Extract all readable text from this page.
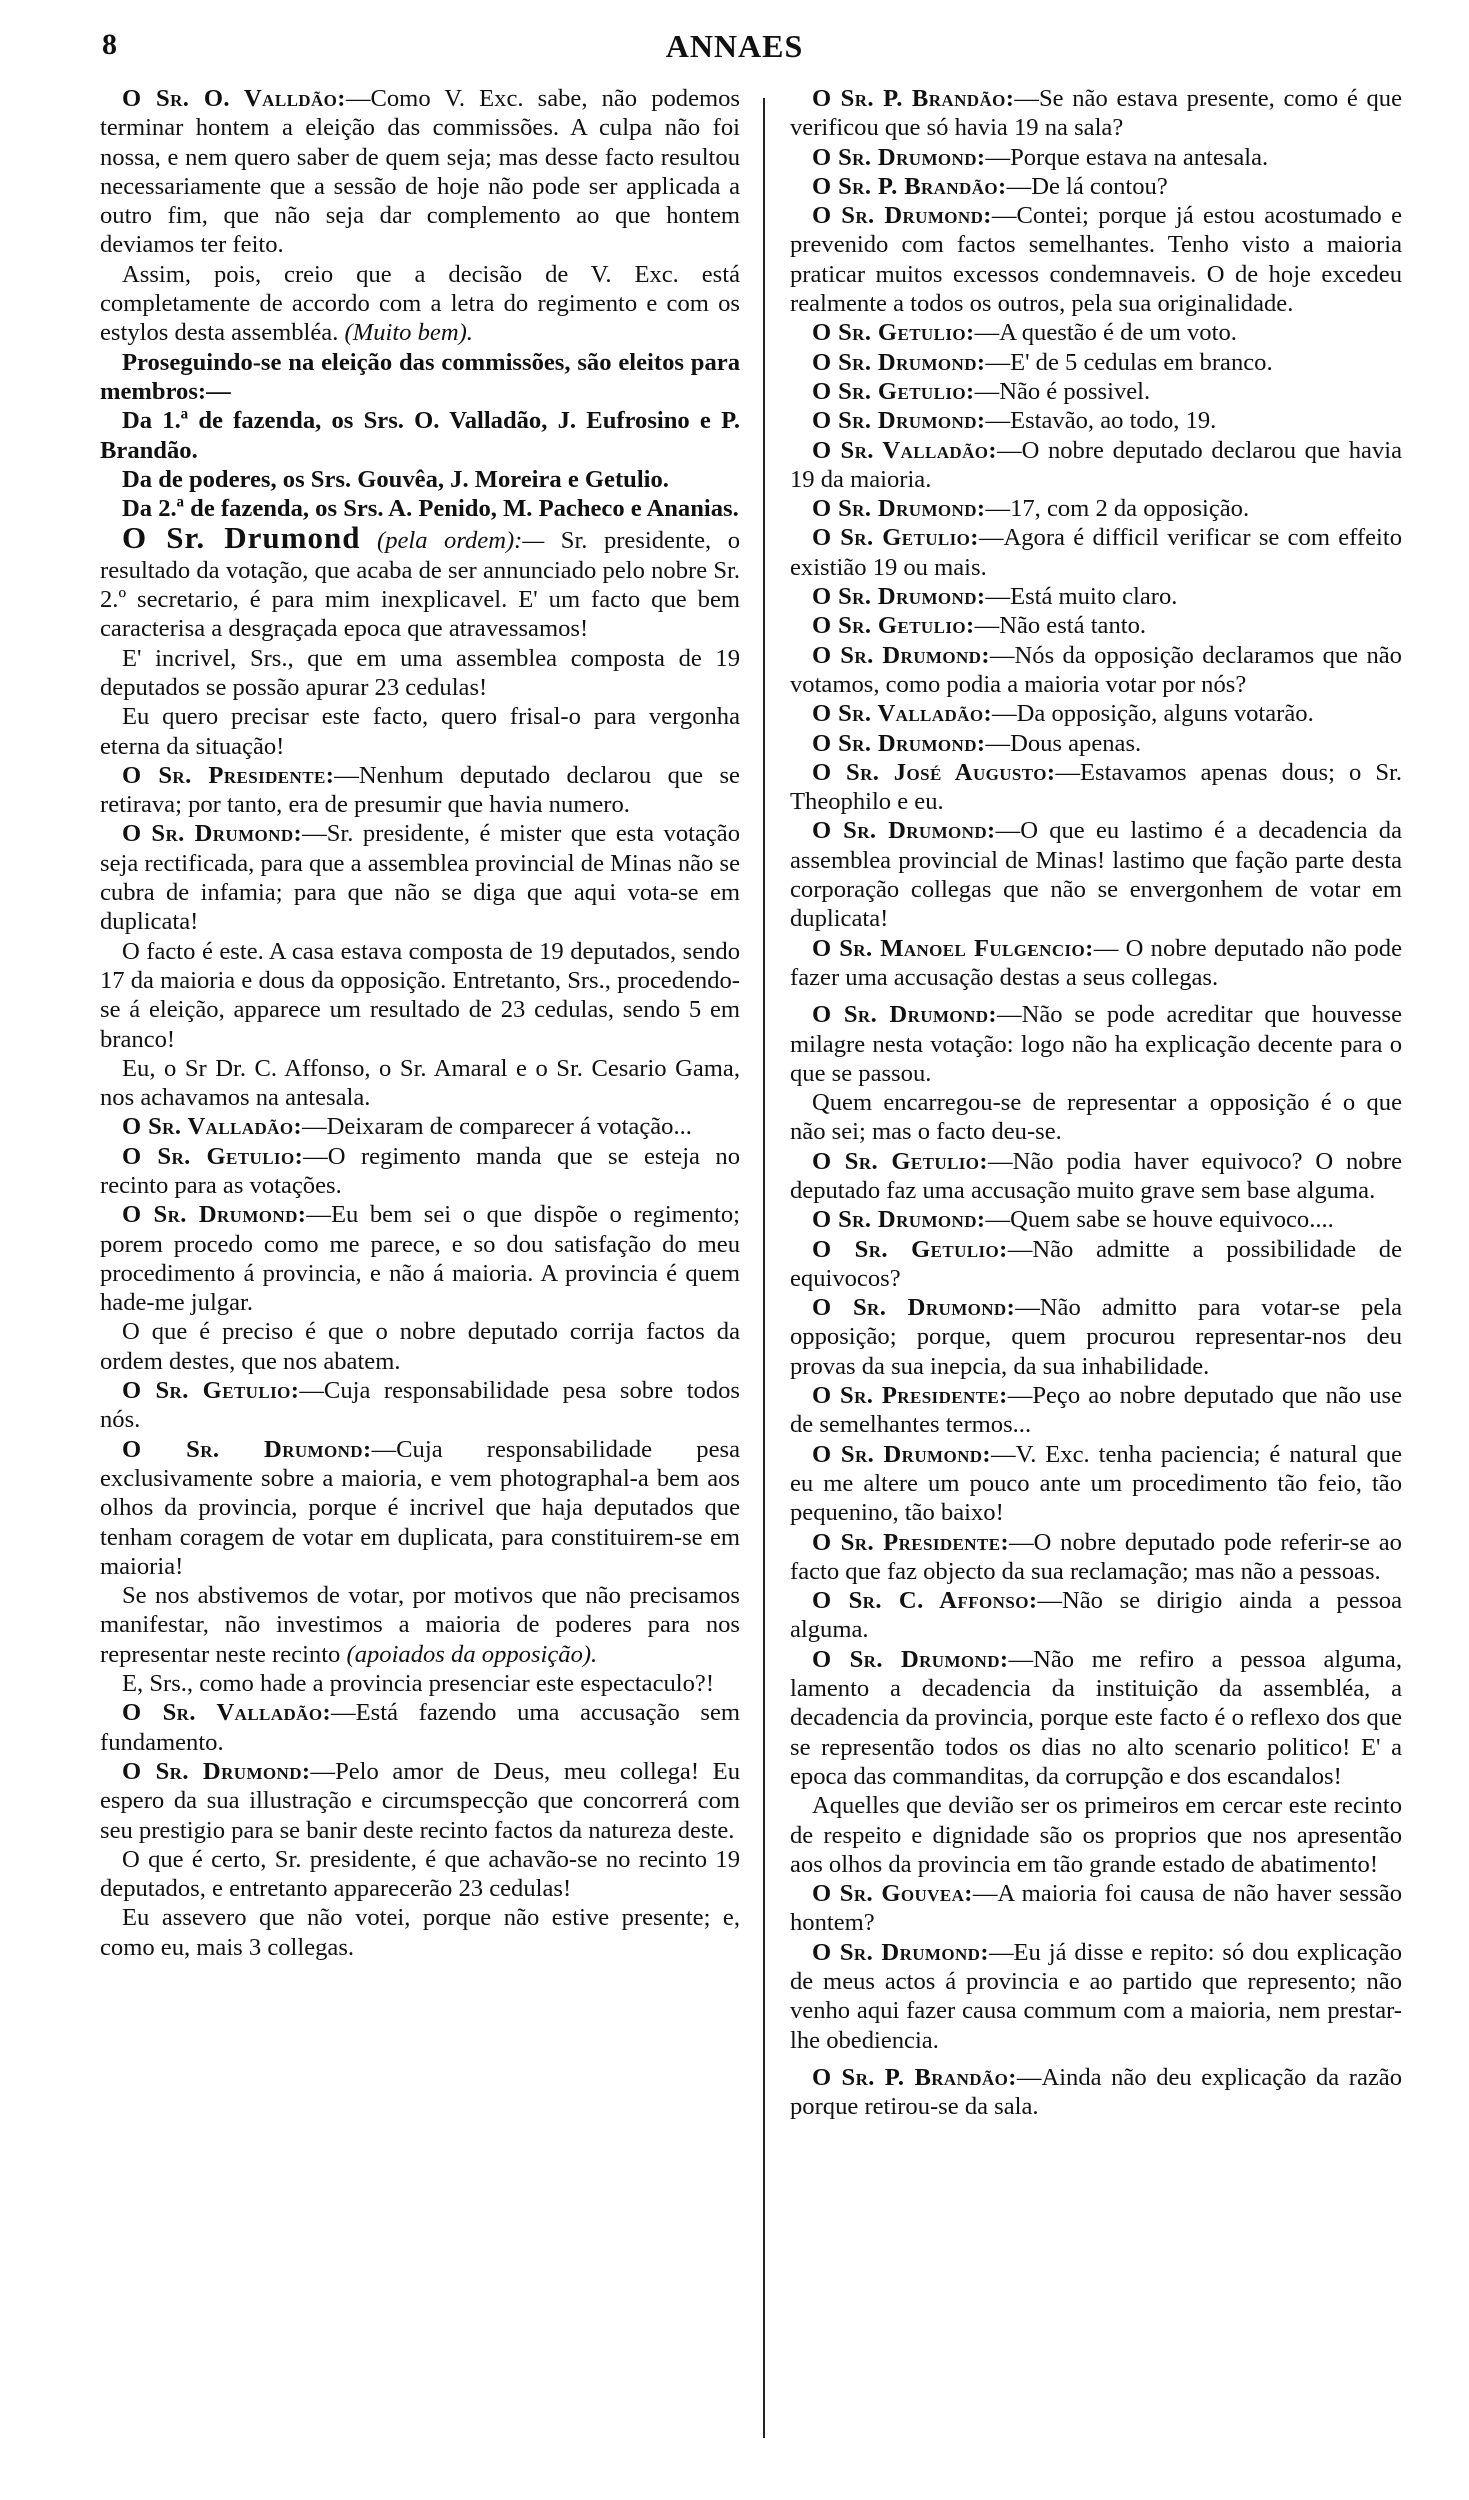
8	ANNAES

O Sr. O. Valldão:—Como V. Exc. sabe, não podemos terminar hontem a eleição das commissões. A culpa não foi nossa, e nem quero saber de quem seja; mas desse facto resultou necessariamente que a sessão de hoje não pode ser applicada a outro fim, que não seja dar complemento ao que hontem deviamos ter feito.

Assim, pois, creio que a decisão de V. Exc. está completamente de accordo com a letra do regimento e com os estylos desta assembléa. (Muito bem).

Proseguindo-se na eleição das commissões, são eleitos para membros:—

Da 1.ª de fazenda, os Srs. O. Valladão, J. Eufrosino e P. Brandão.

Da de poderes, os Srs. Gouvêa, J. Moreira e Getulio.

Da 2.ª de fazenda, os Srs. A. Penido, M. Pacheco e Ananias.

O Sr. Drumond (pela ordem):— Sr. presidente, o resultado da votação, que acaba de ser annunciado pelo nobre Sr. 2.º secretario, é para mim inexplicavel. E' um facto que bem caracterisa a desgraçada epoca que atravessamos!

E' incrivel, Srs., que em uma assemblea composta de 19 deputados se possão apurar 23 cedulas!

Eu quero precisar este facto, quero frisal-o para vergonha eterna da situação!

O Sr. Presidente:—Nenhum deputado declarou que se retirava; por tanto, era de presumir que havia numero.

O Sr. Drumond:—Sr. presidente, é mister que esta votação seja rectificada, para que a assemblea provincial de Minas não se cubra de infamia; para que não se diga que aqui vota-se em duplicata!

O facto é este. A casa estava composta de 19 deputados, sendo 17 da maioria e dous da opposição. Entretanto, Srs., procedendo-se á eleição, apparece um resultado de 23 cedulas, sendo 5 em branco!

Eu, o Sr Dr. C. Affonso, o Sr. Amaral e o Sr. Cesario Gama, nos achavamos na antesala.

O Sr. Valladão:—Deixaram de comparecer á votação...

O Sr. Getulio:—O regimento manda que se esteja no recinto para as votações.

O Sr. Drumond:—Eu bem sei o que dispõe o regimento; porem procedo como me parece, e so dou satisfação do meu procedimento á provincia, e não á maioria. A provincia é quem hade-me julgar.

O que é preciso é que o nobre deputado corrija factos da ordem destes, que nos abatem.

O Sr. Getulio:—Cuja responsabilidade pesa sobre todos nós.

O Sr. Drumond:—Cuja responsabilidade pesa exclusivamente sobre a maioria, e vem photographal-a bem aos olhos da provincia, porque é incrivel que haja deputados que tenham coragem de votar em duplicata, para constituirem-se em maioria!

Se nos abstivemos de votar, por motivos que não precisamos manifestar, não investimos a maioria de poderes para nos representar neste recinto (apoiados da opposição).

E, Srs., como hade a provincia presenciar este espectaculo?!

O Sr. Valladão:—Está fazendo uma accusação sem fundamento.

O Sr. Drumond:—Pelo amor de Deus, meu collega! Eu espero da sua illustração e circumspecção que concorrerá com seu prestigio para se banir deste recinto factos da natureza deste.

O que é certo, Sr. presidente, é que achavão-se no recinto 19 deputados, e entretanto apparecerão 23 cedulas!

Eu assevero que não votei, porque não estive presente; e, como eu, mais 3 collegas.

O Sr. P. Brandão:—Se não estava presente, como é que verificou que só havia 19 na sala?

O Sr. Drumond:—Porque estava na antesala.

O Sr. P. Brandão:—De lá contou?

O Sr. Drumond:—Contei; porque já estou acostumado e prevenido com factos semelhantes. Tenho visto a maioria praticar muitos excessos condemnaveis. O de hoje excedeu realmente a todos os outros, pela sua originalidade.

O Sr. Getulio:—A questão é de um voto.

O Sr. Drumond:—E' de 5 cedulas em branco.

O Sr. Getulio:—Não é possivel.

O Sr. Drumond:—Estavão, ao todo, 19.

O Sr. Valladão:—O nobre deputado declarou que havia 19 da maioria.

O Sr. Drumond:—17, com 2 da opposição.

O Sr. Getulio:—Agora é difficil verificar se com effeito existião 19 ou mais.

O Sr. Drumond:—Está muito claro.

O Sr. Getulio:—Não está tanto.

O Sr. Drumond:—Nós da opposição declaramos que não votamos, como podia a maioria votar por nós?

O Sr. Valladão:—Da opposição, alguns votarão.

O Sr. Drumond:—Dous apenas.

O Sr. José Augusto:—Estavamos apenas dous; o Sr. Theophilo e eu.

O Sr. Drumond:—O que eu lastimo é a decadencia da assemblea provincial de Minas! lastimo que fação parte desta corporação collegas que não se envergonhem de votar em duplicata!

O Sr. Manoel Fulgencio:— O nobre deputado não pode fazer uma accusação destas a seus collegas.

O Sr. Drumond:—Não se pode acreditar que houvesse milagre nesta votação: logo não ha explicação decente para o que se passou.

Quem encarregou-se de representar a opposição é o que não sei; mas o facto deu-se.

O Sr. Getulio:—Não podia haver equivoco? O nobre deputado faz uma accusação muito grave sem base alguma.

O Sr. Drumond:—Quem sabe se houve equivoco....

O Sr. Getulio:—Não admitte a possibilidade de equivocos?

O Sr. Drumond:—Não admitto para votar-se pela opposição; porque, quem procurou representar-nos deu provas da sua inepcia, da sua inhabilidade.

O Sr. Presidente:—Peço ao nobre deputado que não use de semelhantes termos...

O Sr. Drumond:—V. Exc. tenha paciencia; é natural que eu me altere um pouco ante um procedimento tão feio, tão pequenino, tão baixo!

O Sr. Presidente:—O nobre deputado pode referir-se ao facto que faz objecto da sua reclamação; mas não a pessoas.

O Sr. C. Affonso:—Não se dirigio ainda a pessoa alguma.

O Sr. Drumond:—Não me refiro a pessoa alguma, lamento a decadencia da instituição da assembléa, a decadencia da provincia, porque este facto é o reflexo dos que se representão todos os dias no alto scenario politico! E' a epoca das commanditas, da corrupção e dos escandalos!

Aquelles que devião ser os primeiros em cercar este recinto de respeito e dignidade são os proprios que nos apresentão aos olhos da provincia em tão grande estado de abatimento!

O Sr. Gouvea:—A maioria foi causa de não haver sessão hontem?

O Sr. Drumond:—Eu já disse e repito: só dou explicação de meus actos á provincia e ao partido que represento; não venho aqui fazer causa commum com a maioria, nem prestar-lhe obediencia.

O Sr. P. Brandão:—Ainda não deu explicação da razão porque retirou-se da sala.
